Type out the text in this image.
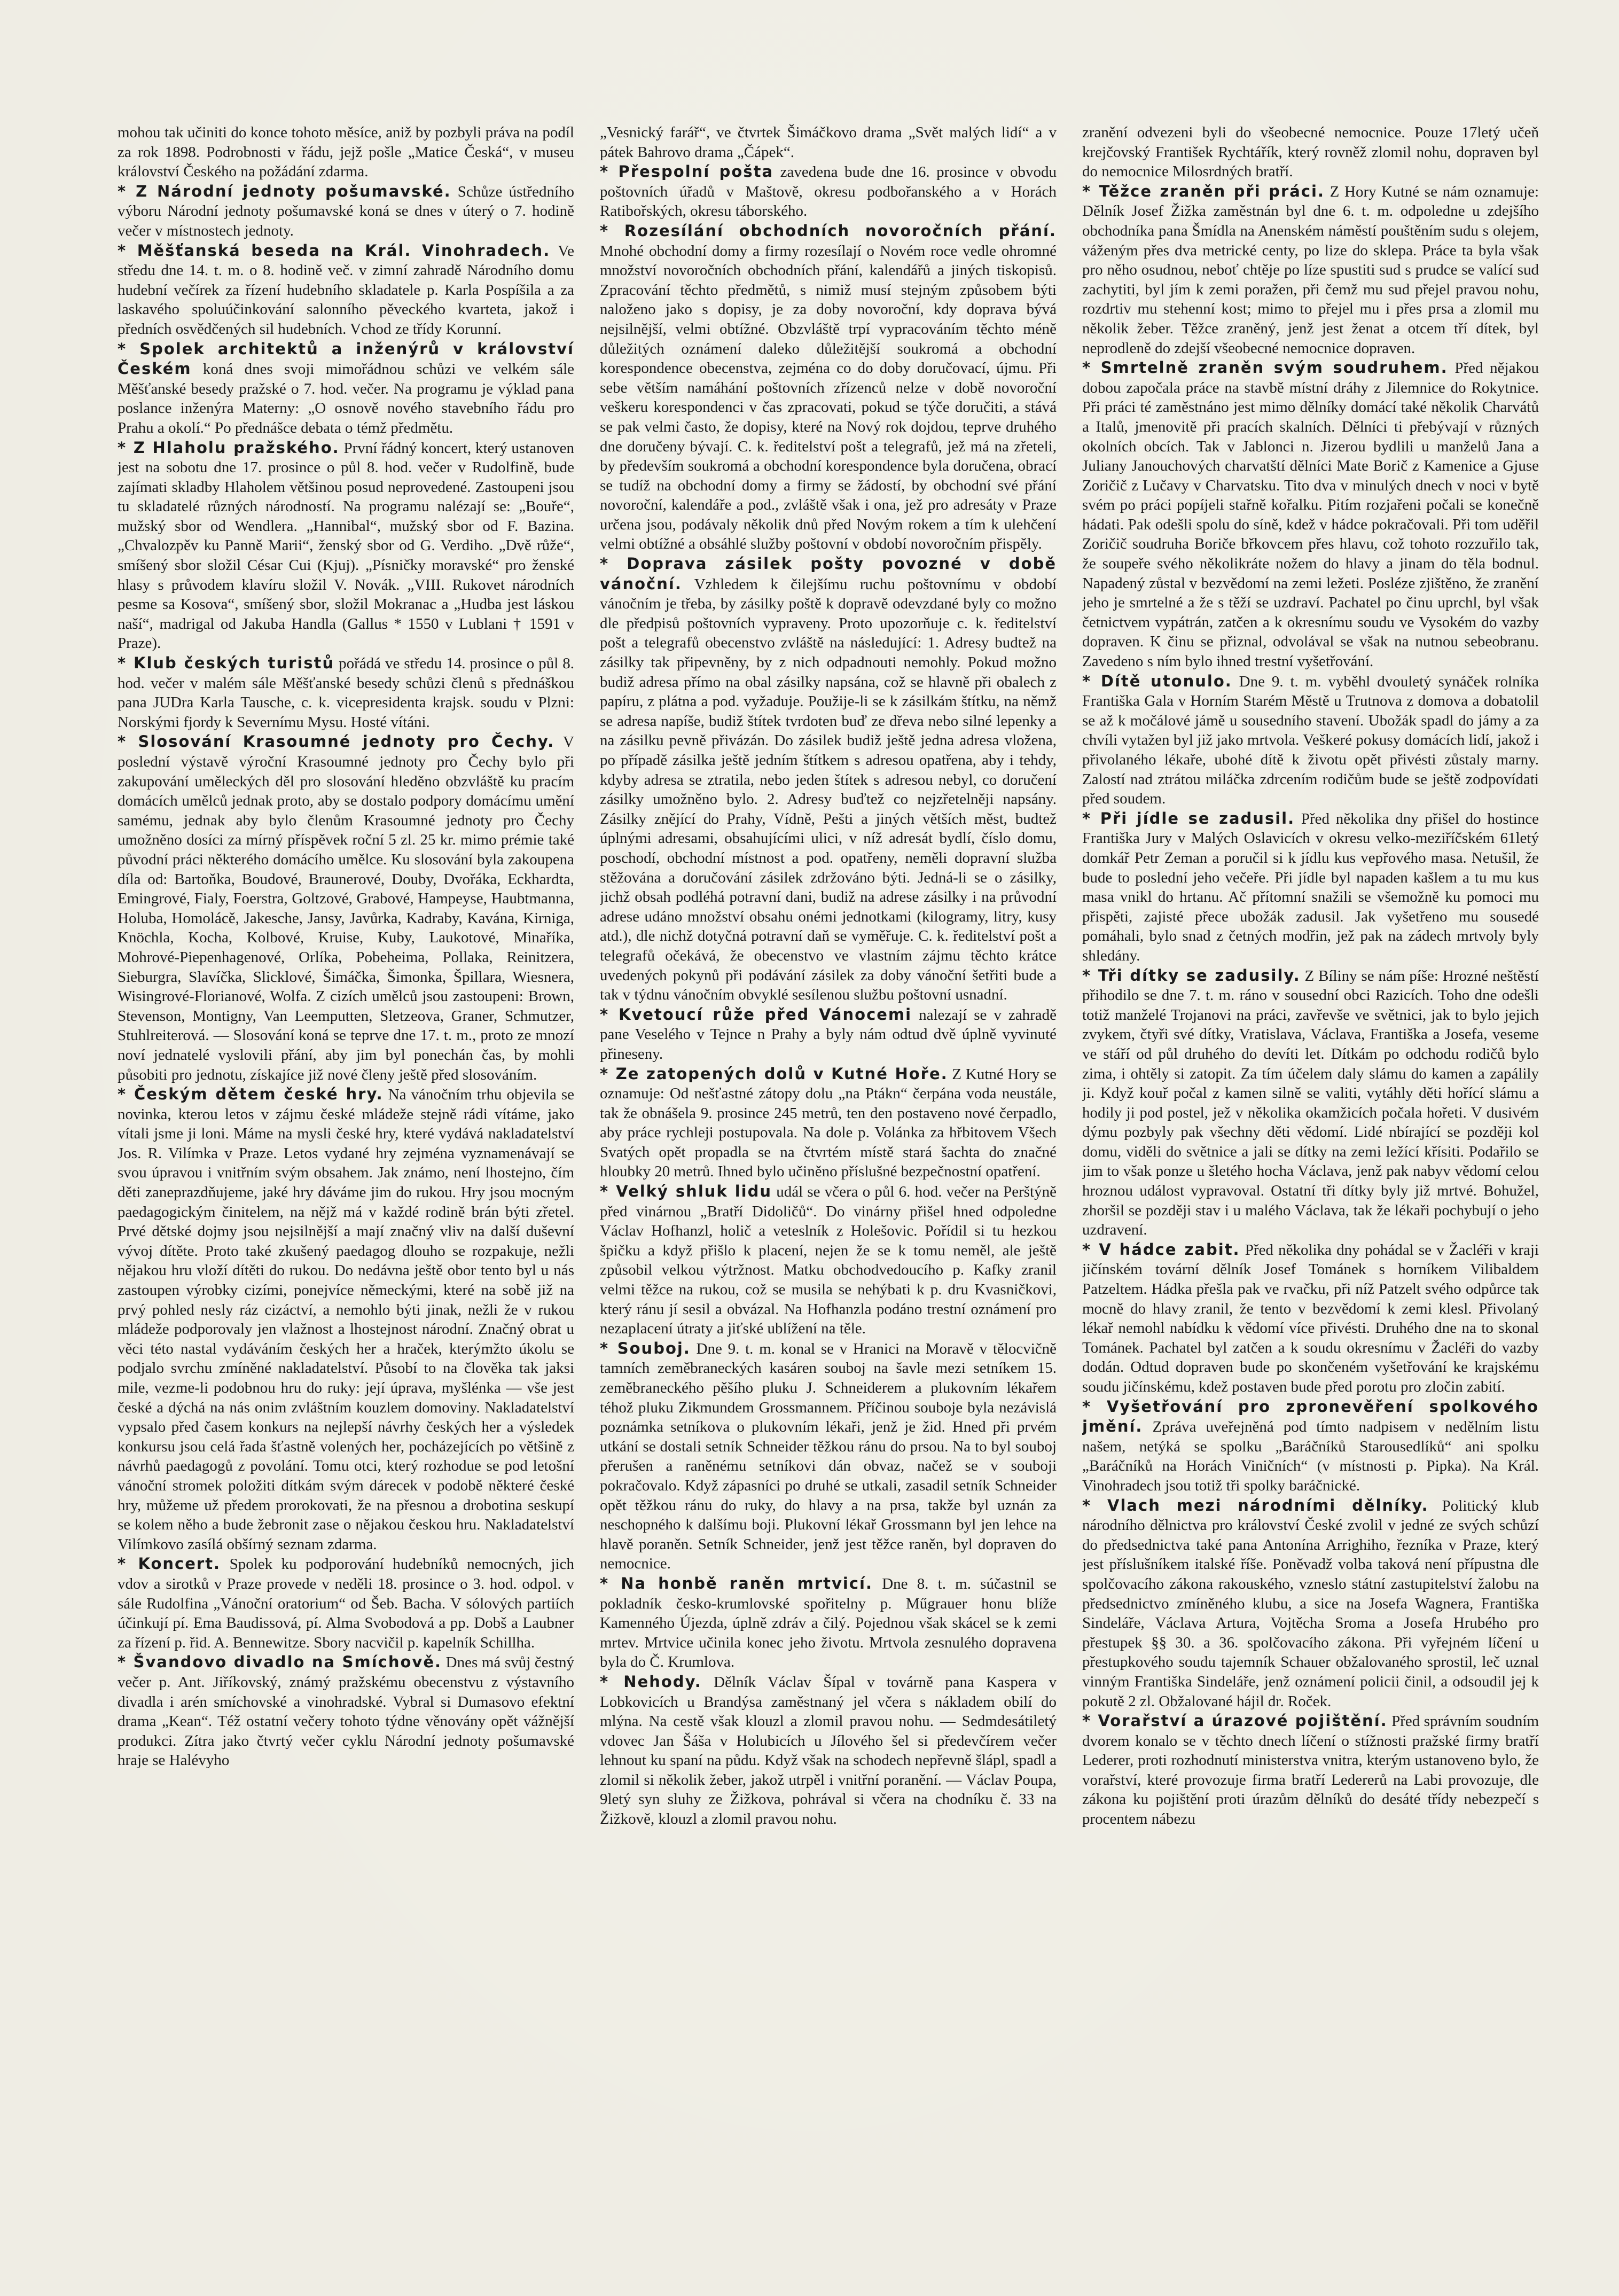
mohou tak učiniti do konce tohoto měsíce, aniž by pozbyli práva na podíl za rok 1898. Podrobnosti v řádu, jejž pošle „Matice Česká“, v museu království Českého na požádání zdarma.

* Z Národní jednoty pošumavské. Schůze ústředního výboru Národní jednoty pošumavské koná se dnes v úterý o 7. hodině večer v místnostech jednoty.

* Měšťanská beseda na Král. Vinohradech. Ve středu dne 14. t. m. o 8. hodině več. v zimní zahradě Národního domu hudební večírek za řízení hudebního skladatele p. Karla Pospíšila a za laskavého spoluúčinkování salonního pěveckého kvarteta, jakož i předních osvědčených sil hudebních. Vchod ze třídy Korunní.

* Spolek architektů a inženýrů v království Českém koná dnes svoji mimořádnou schůzi ve velkém sále Měšťanské besedy pražské o 7. hod. večer. Na programu je výklad pana poslance inženýra Materny: „O osnově nového stavebního řádu pro Prahu a okolí.“ Po přednášce debata o témž předmětu.

* Z Hlaholu pražského. První řádný koncert, který ustanoven jest na sobotu dne 17. prosince o půl 8. hod. večer v Rudolfině, bude zajímati skladby Hlaholem většinou posud neprovedené. Zastoupeni jsou tu skladatelé různých národností. Na programu nalézají se: „Bouře“, mužský sbor od Wendlera. „Hannibal“, mužský sbor od F. Bazina. „Chvalozpěv ku Panně Marii“, ženský sbor od G. Verdiho. „Dvě růže“, smíšený sbor složil César Cui (Kjuj). „Písničky moravské“ pro ženské hlasy s průvodem klavíru složil V. Novák. „VIII. Rukovet národních pesme sa Kosova“, smíšený sbor, složil Mokranac a „Hudba jest láskou naší“, madrigal od Jakuba Handla (Gallus * 1550 v Lublani † 1591 v Praze).

* Klub českých turistů pořádá ve středu 14. prosince o půl 8. hod. večer v malém sále Měšťanské besedy schůzi členů s přednáškou pana JUDra Karla Tausche, c. k. vicepresidenta krajsk. soudu v Plzni: Norskými fjordy k Severnímu Mysu. Hosté vítáni.

* Slosování Krasoumné jednoty pro Čechy. V poslední výstavě výroční Krasoumné jednoty pro Čechy bylo při zakupování uměleckých děl pro slosování hleděno obzvláště ku pracím domácích umělců jednak proto, aby se dostalo podpory domácímu umění samému, jednak aby bylo členům Krasoumné jednoty pro Čechy umožněno dosíci za mírný příspěvek roční 5 zl. 25 kr. mimo prémie také původní práci některého domácího umělce. Ku slosování byla zakoupena díla od: Bartoňka, Boudové, Braunerové, Douby, Dvořáka, Eckhardta, Emingrové, Fialy, Foerstra, Goltzové, Grabové, Hampeyse, Haubtmanna, Holuba, Homolácě, Jakesche, Jansy, Javůrka, Kadraby, Kavána, Kirniga, Knöchla, Kocha, Kolbové, Kruise, Kuby, Laukotové, Minaříka, Mohrové-Piepenhagenové, Orlíka, Pobeheima, Pollaka, Reinitzera, Sieburgra, Slavíčka, Slicklové, Šimáčka, Šimonka, Špillara, Wiesnera, Wisingrové-Florianové, Wolfa. Z cizích umělců jsou zastoupeni: Brown, Stevenson, Montigny, Van Leemputten, Sletzeova, Graner, Schmutzer, Stuhlreiterová. — Slosování koná se teprve dne 17. t. m., proto ze mnozí noví jednatelé vyslovili přání, aby jim byl ponechán čas, by mohli působiti pro jednotu, získajíce již nové členy ještě před slosováním.

* Českým dětem české hry. Na vánočním trhu objevila se novinka, kterou letos v zájmu české mládeže stejně rádi vítáme, jako vítali jsme ji loni. Máme na mysli české hry, které vydává nakladatelství Jos. R. Vilímka v Praze. Letos vydané hry zejména vyznamenávají se svou úpravou i vnitřním svým obsahem. Jak známo, není lhostejno, čím děti zaneprazdňujeme, jaké hry dáváme jim do rukou. Hry jsou mocným paedagogickým činitelem, na nějž má v každé rodině brán býti zřetel. Prvé dětské dojmy jsou nejsilnější a mají značný vliv na další duševní vývoj dítěte. Proto také zkušený paedagog dlouho se rozpakuje, nežli nějakou hru vloží dítěti do rukou. Do nedávna ještě obor tento byl u nás zastoupen výrobky cizími, ponejvíce německými, které na sobě již na prvý pohled nesly ráz cizáctví, a nemohlo býti jinak, nežli že v rukou mládeže podporovaly jen vlažnost a lhostejnost národní. Značný obrat u věci této nastal vydáváním českých her a hraček, kterýmžto úkolu se podjalo svrchu zmíněné nakladatelství. Působí to na člověka tak jaksi mile, vezme-li podobnou hru do ruky: její úprava, myšlénka — vše jest české a dýchá na nás onim zvláštním kouzlem domoviny. Nakladatelství vypsalo před časem konkurs na nejlepší návrhy českých her a výsledek konkursu jsou celá řada šťastně volených her, pocházejících po většině z návrhů paedagogů z povolání. Tomu otci, který rozhodue se pod letošní vánoční stromek položiti dítkám svým dárecek v podobě některé české hry, můžeme už předem prorokovati, že na přesnou a drobotina seskupí se kolem něho a bude žebronit zase o nějakou českou hru. Nakladatelství Vilímkovo zasílá obšírný seznam zdarma.

* Koncert. Spolek ku podporování hudebníků nemocných, jich vdov a sirotků v Praze provede v neděli 18. prosince o 3. hod. odpol. v sále Rudolfina „Vánoční oratorium“ od Šeb. Bacha. V sólových partiích účinkují pí. Ema Baudissová, pí. Alma Svobodová a pp. Dobš a Laubner za řízení p. řid. A. Bennewitze. Sbory nacvičil p. kapelník Schillha.

* Švandovo divadlo na Smíchově. Dnes má svůj čestný večer p. Ant. Jiříkovský, známý pražskému obecenstvu z výstavního divadla i arén smíchovské a vinohradské. Vybral si Dumasovo efektní drama „Kean“. Též ostatní večery tohoto týdne věnovány opět vážnější produkci. Zítra jako čtvrtý večer cyklu Národní jednoty pošumavské hraje se Halévyho

„Vesnický farář“, ve čtvrtek Šimáčkovo drama „Svět malých lidí“ a v pátek Bahrovo drama „Čápek“.

* Přespolní pošta zavedena bude dne 16. prosince v obvodu poštovních úřadů v Maštově, okresu podbořanského a v Horách Ratibořských, okresu táborského.

* Rozesílání obchodních novoročních přání. Mnohé obchodní domy a firmy rozesílají o Novém roce vedle ohromné množství novoročních obchodních přání, kalendářů a jiných tiskopisů. Zpracování těchto předmětů, s nimiž musí stejným způsobem býti naloženo jako s dopisy, je za doby novoroční, kdy doprava bývá nejsilnější, velmi obtížné. Obzvláště trpí vypracováním těchto méně důležitých oznámení daleko důležitější soukromá a obchodní korespondence obecenstva, zejména co do doby doručovací, újmu. Při sebe větším namáhání poštovních zřízenců nelze v době novoroční veškeru korespondenci v čas zpracovati, pokud se týče doručiti, a stává se pak velmi často, že dopisy, které na Nový rok dojdou, teprve druhého dne doručeny bývají. C. k. ředitelství pošt a telegrafů, jež má na zřeteli, by především soukromá a obchodní korespondence byla doručena, obrací se tudíž na obchodní domy a firmy se žádostí, by obchodní své přání novoroční, kalendáře a pod., zvláště však i ona, jež pro adresáty v Praze určena jsou, podávaly několik dnů před Novým rokem a tím k ulehčení velmi obtížné a obsáhlé služby poštovní v období novoročním přispěly.

* Doprava zásilek pošty povozné v době vánoční. Vzhledem k čilejšímu ruchu poštovnímu v období vánočním je třeba, by zásilky poště k dopravě odevzdané byly co možno dle předpisů poštovních vypraveny. Proto upozorňuje c. k. ředitelství pošt a telegrafů obecenstvo zvláště na následující: 1. Adresy budtež na zásilky tak připevněny, by z nich odpadnouti nemohly. Pokud možno budiž adresa přímo na obal zásilky napsána, což se hlavně při obalech z papíru, z plátna a pod. vyžaduje. Použije-li se k zásilkám štítku, na němž se adresa napíše, budiž štítek tvrdoten buď ze dřeva nebo silné lepenky a na zásilku pevně přivázán. Do zásilek budiž ještě jedna adresa vložena, po případě zásilka ještě jedním štítkem s adresou opatřena, aby i tehdy, kdyby adresa se ztratila, nebo jeden štítek s adresou nebyl, co doručení zásilky umožněno bylo. 2. Adresy buďtež co nejzřetelněji napsány. Zásilky znějící do Prahy, Vídně, Pešti a jiných větších měst, budtež úplnými adresami, obsahujícími ulici, v níž adresát bydlí, číslo domu, poschodí, obchodní místnost a pod. opatřeny, neměli dopravní služba stěžována a doručování zásilek zdržováno býti. Jedná-li se o zásilky, jichž obsah podléhá potravní dani, budiž na adrese zásilky i na průvodní adrese udáno množství obsahu onémi jednotkami (kilogramy, litry, kusy atd.), dle nichž dotyčná potravní daň se vyměřuje. C. k. ředitelství pošt a telegrafů očekává, že obecenstvo ve vlastním zájmu těchto krátce uvedených pokynů při podávání zásilek za doby vánoční šetřiti bude a tak v týdnu vánočním obvyklé sesílenou službu poštovní usnadní.

* Kvetoucí růže před Vánocemi nalezají se v zahradě pane Veselého v Tejnce n Prahy a byly nám odtud dvě úplně vyvinuté přineseny.

* Ze zatopených dolů v Kutné Hoře. Z Kutné Hory se oznamuje: Od nešťastné zátopy dolu „na Ptákn“ čerpána voda neustále, tak že obnášela 9. prosince 245 metrů, ten den postaveno nové čerpadlo, aby práce rychleji postupovala. Na dole p. Volánka za hřbitovem Všech Svatých opět propadla se na čtvrtém místě stará šachta do značné hloubky 20 metrů. Ihned bylo učiněno příslušné bezpečnostní opatření.

* Velký shluk lidu udál se včera o půl 6. hod. večer na Perštýně před vinárnou „Bratří Didoličů“. Do vinárny přišel hned odpoledne Václav Hofhanzl, holič a veteslník z Holešovic. Pořídil si tu hezkou špičku a když přišlo k placení, nejen že se k tomu neměl, ale ještě způsobil velkou výtržnost. Matku obchodvedoucího p. Kafky zranil velmi těžce na rukou, což se musila se nehýbati k p. dru Kvasničkovi, který ránu jí sesil a obvázal. Na Hofhanzla podáno trestní oznámení pro nezaplacení útraty a jiťské ublížení na těle.

* Souboj. Dne 9. t. m. konal se v Hranici na Moravě v tělocvičně tamních zeměbraneckých kasáren souboj na šavle mezi setníkem 15. zeměbraneckého pěšího pluku J. Schneiderem a plukovním lékařem téhož pluku Zikmundem Grossmannem. Příčinou souboje byla nezávislá poznámka setníkova o plukovním lékaři, jenž je žid. Hned při prvém utkání se dostali setník Schneider těžkou ránu do prsou. Na to byl souboj přerušen a raněnému setníkovi dán obvaz, načež se v souboji pokračovalo. Když zápasníci po druhé se utkali, zasadil setník Schneider opět těžkou ránu do ruky, do hlavy a na prsa, takže byl uznán za neschopného k dalšímu boji. Plukovní lékař Grossmann byl jen lehce na hlavě poraněn. Setník Schneider, jenž jest těžce raněn, byl dopraven do nemocnice.

* Na honbě raněn mrtvicí. Dne 8. t. m. súčastnil se pokladník česko-krumlovské spořitelny p. Műgrauer honu blíže Kamenného Újezda, úplně zdráv a čilý. Pojednou však skácel se k zemi mrtev. Mrtvice učinila konec jeho životu. Mrtvola zesnulého dopravena byla do Č. Krumlova.

* Nehody. Dělník Václav Šípal v továrně pana Kaspera v Lobkovicích u Brandýsa zaměstnaný jel včera s nákladem obilí do mlýna. Na cestě však klouzl a zlomil pravou nohu. — Sedmdesátiletý vdovec Jan Šáša v Holubicích u Jílového šel si předevčírem večer lehnout ku spaní na půdu. Když však na schodech nepřevně šlápl, spadl a zlomil si několik žeber, jakož utrpěl i vnitřní poranění. — Václav Poupa, 9letý syn sluhy ze Žižkova, pohrával si včera na chodníku č. 33 na Žižkově, klouzl a zlomil pravou nohu.

zranění odvezeni byli do všeobecné nemocnice. Pouze 17letý učeň krejčovský František Rychtářík, který rovněž zlomil nohu, dopraven byl do nemocnice Milosrdných bratří.

* Těžce zraněn při práci. Z Hory Kutné se nám oznamuje: Dělník Josef Žižka zaměstnán byl dne 6. t. m. odpoledne u zdejšího obchodníka pana Šmídla na Anenském náměstí pouštěním sudu s olejem, váženým přes dva metrické centy, po lize do sklepa. Práce ta byla však pro něho osudnou, neboť chtěje po líze spustiti sud s prudce se valící sud zachytiti, byl jím k zemi poražen, při čemž mu sud přejel pravou nohu, rozdrtiv mu stehenní kost; mimo to přejel mu i přes prsa a zlomil mu několik žeber. Těžce zraněný, jenž jest ženat a otcem tří dítek, byl neprodleně do zdejší všeobecné nemocnice dopraven.

* Smrtelně zraněn svým soudruhem. Před nějakou dobou započala práce na stavbě místní dráhy z Jilemnice do Rokytnice. Při práci té zaměstnáno jest mimo dělníky domácí také několik Charvátů a Italů, jmenovitě při pracích skalních. Dělníci ti přebývají v různých okolních obcích. Tak v Jablonci n. Jizerou bydlili u manželů Jana a Juliany Janouchových charvatští dělníci Mate Borič z Kamenice a Gjuse Zoričič z Lučavy v Charvatsku. Tito dva v minulých dnech v noci v bytě svém po práci popíjeli stařně kořalku. Pitím rozjařeni počali se konečně hádati. Pak odešli spolu do síně, kdež v hádce pokračovali. Při tom uděřil Zoričič soudruha Boriče břkovcem přes hlavu, což tohoto rozzuřilo tak, že soupeře svého několikráte nožem do hlavy a jinam do těla bodnul. Napadený zůstal v bezvědomí na zemi ležeti. Posléze zjištěno, že zranění jeho je smrtelné a že s těží se uzdraví. Pachatel po činu uprchl, byl však četnictvem vypátrán, zatčen a k okresnímu soudu ve Vysokém do vazby dopraven. K činu se přiznal, odvolával se však na nutnou sebeobranu. Zavedeno s ním bylo ihned trestní vyšetřování.

* Dítě utonulo. Dne 9. t. m. vyběhl dvouletý synáček rolníka Františka Gala v Horním Starém Městě u Trutnova z domova a dobatolil se až k močálové jámě u sousedního stavení. Ubožák spadl do jámy a za chvíli vytažen byl již jako mrtvola. Veškeré pokusy domácích lidí, jakož i přivolaného lékaře, ubohé dítě k životu opět přivésti zůstaly marny. Zalostí nad ztrátou miláčka zdrcením rodičům bude se ještě zodpovídati před soudem.

* Při jídle se zadusil. Před několika dny přišel do hostince Františka Jury v Malých Oslavicích v okresu velko-meziříčském 61letý domkář Petr Zeman a poručil si k jídlu kus vepřového masa. Netušil, že bude to poslední jeho večeře. Při jídle byl napaden kašlem a tu mu kus masa vnikl do hrtanu. Ač přítomní snažili se všemožně ku pomoci mu přispěti, zajisté přece ubožák zadusil. Jak vyšetřeno mu sousedé pomáhali, bylo snad z četných modřin, jež pak na zádech mrtvoly byly shledány.

* Tři dítky se zadusily. Z Bíliny se nám píše: Hrozné neštěstí přihodilo se dne 7. t. m. ráno v sousední obci Razicích. Toho dne odešli totiž manželé Trojanovi na práci, zavřevše ve světnici, jak to bylo jejich zvykem, čtyři své dítky, Vratislava, Václava, Františka a Josefa, veseme ve stáří od půl druhého do devíti let. Dítkám po odchodu rodičů bylo zima, i ohtěly si zatopit. Za tím účelem daly slámu do kamen a zapálily ji. Když kouř počal z kamen silně se valiti, vytáhly děti hořící slámu a hodily ji pod postel, jež v několika okamžicích počala hořeti. V dusivém dýmu pozbyly pak všechny děti vědomí. Lidé nbírající se později kol domu, viděli do světnice a jali se dítky na zemi ležící křísiti. Podařilo se jim to však ponze u šletého hocha Václava, jenž pak nabyv vědomí celou hroznou událost vypravoval. Ostatní tři dítky byly již mrtvé. Bohužel, zhoršil se později stav i u malého Václava, tak že lékaři pochybují o jeho uzdravení.

* V hádce zabit. Před několika dny pohádal se v Žacléři v kraji jičínském tovární dělník Josef Tománek s horníkem Vilibaldem Patzeltem. Hádka přešla pak ve rvačku, při níž Patzelt svého odpůrce tak mocně do hlavy zranil, že tento v bezvědomí k zemi klesl. Přivolaný lékař nemohl nabídku k vědomí více přivésti. Druhého dne na to skonal Tománek. Pachatel byl zatčen a k soudu okresnímu v Žacléři do vazby dodán. Odtud dopraven bude po skončeném vyšetřování ke krajskému soudu jičínskému, kdež postaven bude před porotu pro zločin zabití.

* Vyšetřování pro zpronevěření spolkového jmění. Zpráva uveřejněná pod tímto nadpisem v nedělním listu našem, netýká se spolku „Baráčníků Starousedlíků“ ani spolku „Baráčníků na Horách Viničních“ (v místnosti p. Pipka). Na Král. Vinohradech jsou totiž tři spolky baráčnické.

* Vlach mezi národními dělníky. Politický klub národního dělnictva pro království České zvolil v jedné ze svých schůzí do předsednictva také pana Antonína Arrighiho, řezníka v Praze, který jest příslušníkem italské říše. Poněvadž volba taková není přípustna dle spolčovacího zákona rakouského, vzneslo státní zastupitelství žalobu na předsednictvo zmíněného klubu, a sice na Josefa Wagnera, Františka Sindeláře, Václava Artura, Vojtěcha Sroma a Josefa Hrubého pro přestupek §§ 30. a 36. spolčovacího zákona. Při vyřejném líčení u přestupkového soudu tajemník Schauer obžalovaného sprostil, leč uznal vinným Františka Sindeláře, jenž oznámení policii činil, a odsoudil jej k pokutě 2 zl. Obžalované hájil dr. Roček.

* Vorařství a úrazové pojištění. Před správním soudním dvorem konalo se v těchto dnech líčení o stížnosti pražské firmy bratří Lederer, proti rozhodnutí ministerstva vnitra, kterým ustanoveno bylo, že vorařství, které provozuje firma bratří Ledererů na Labi provozuje, dle zákona ku pojištění proti úrazům dělníků do desáté třídy nebezpečí s procentem nábezu
